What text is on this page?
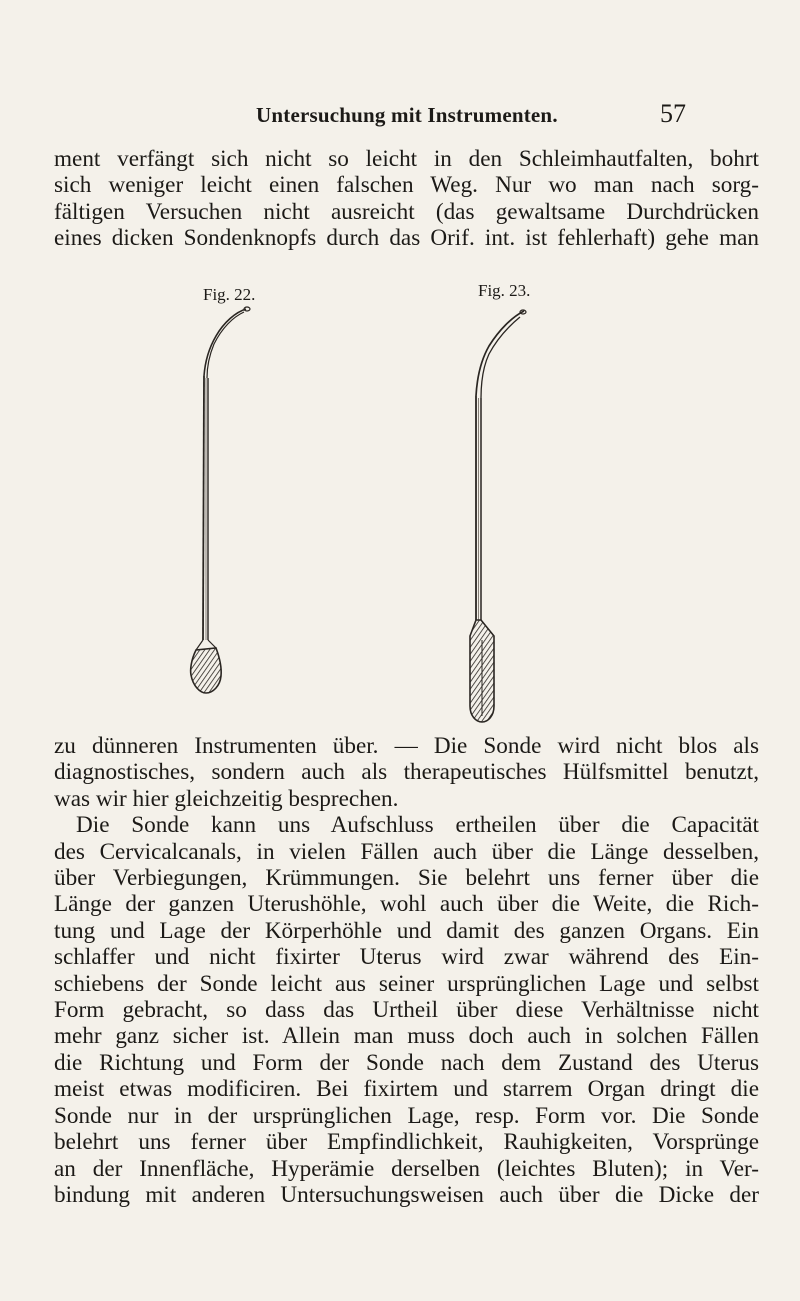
Untersuchung mit Instrumenten.	57
ment verfängt sich nicht so leicht in den Schleimhautfalten, bohrt
sich weniger leicht einen falschen Weg. Nur wo man nach sorg-
fältigen Versuchen nicht ausreicht (das gewaltsame Durchdrücken
eines dicken Sondenknopfs durch das Orif. int. ist fehlerhaft) gehe man
Fig. 22.	Fig. 23.
zu dünneren Instrumenten über. — Die Sonde wird nicht blos als
diagnostisches, sondern auch als therapeutisches Hülfsmittel benutzt,
was wir hier gleichzeitig besprechen.
Die Sonde kann uns Aufschluss ertheilen über die Capacität
des Cervicalcanals, in vielen Fällen auch über die Länge desselben,
über Verbiegungen, Krümmungen. Sie belehrt uns ferner über die
Länge der ganzen Uterushöhle, wohl auch über die Weite, die Rich-
tung und Lage der Körperhöhle und damit des ganzen Organs. Ein
schlaffer und nicht fixirter Uterus wird zwar während des Ein-
schiebens der Sonde leicht aus seiner ursprünglichen Lage und selbst
Form gebracht, so dass das Urtheil über diese Verhältnisse nicht
mehr ganz sicher ist. Allein man muss doch auch in solchen Fällen
die Richtung und Form der Sonde nach dem Zustand des Uterus
meist etwas modificiren. Bei fixirtem und starrem Organ dringt die
Sonde nur in der ursprünglichen Lage, resp. Form vor. Die Sonde
belehrt uns ferner über Empfindlichkeit, Rauhigkeiten, Vorsprünge
an der Innenfläche, Hyperämie derselben (leichtes Bluten); in Ver-
bindung mit anderen Untersuchungsweisen auch über die Dicke der
